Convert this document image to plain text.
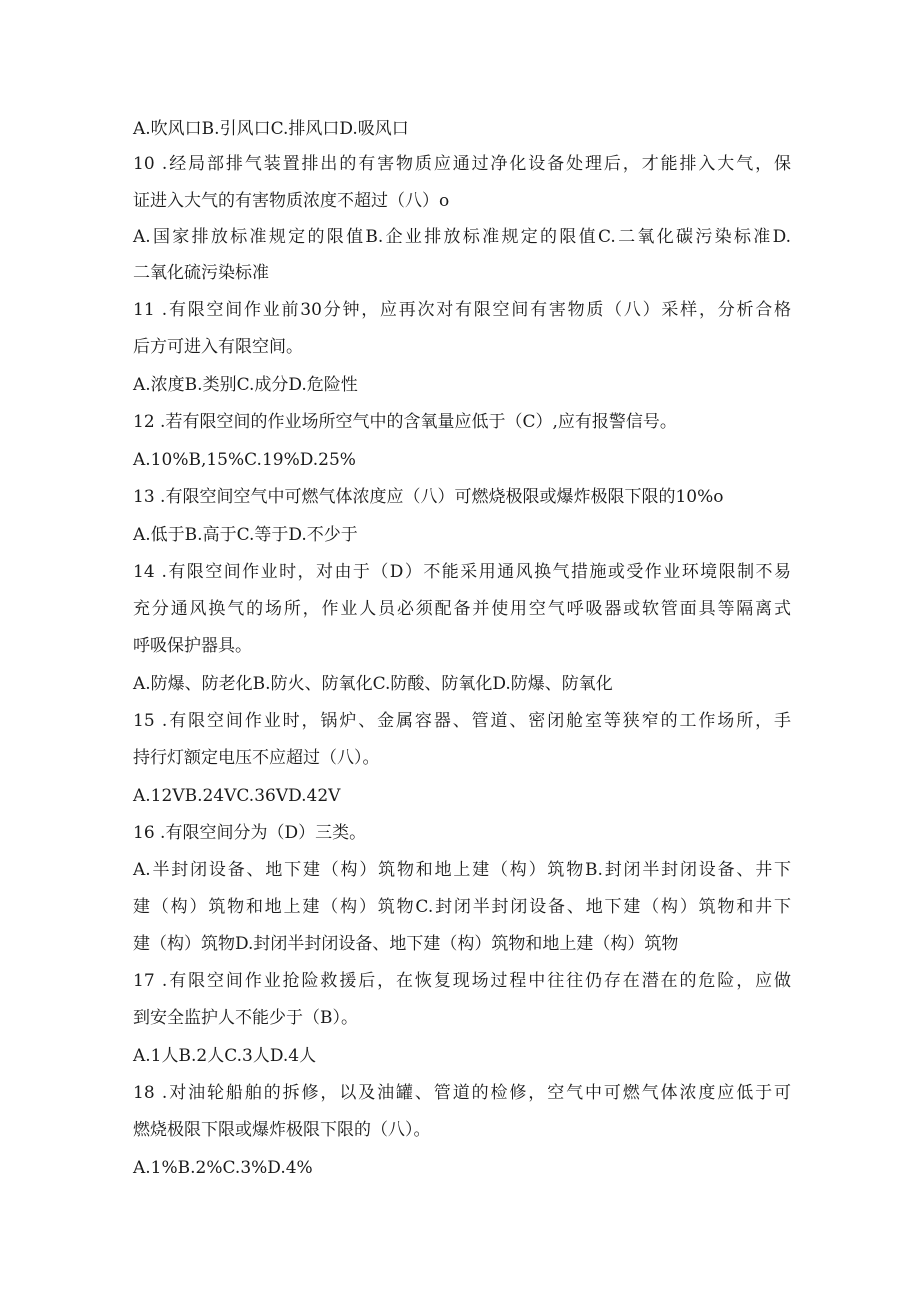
A.吹风口B.引风口C.排风口D.吸风口
10 .经局部排气装置排出的有害物质应通过净化设备处理后，才能排入大气，保
证进入大气的有害物质浓度不超过（八）o
A.国家排放标准规定的限值B.企业排放标准规定的限值C.二氧化碳污染标准D.
二氧化硫污染标准
11 .有限空间作业前30分钟，应再次对有限空间有害物质（八）采样，分析合格
后方可进入有限空间。
A.浓度B.类别C.成分D.危险性
12 .若有限空间的作业场所空气中的含氧量应低于（C）,应有报警信号。
A.10%B,15%C.19%D.25%
13 .有限空间空气中可燃气体浓度应（八）可燃烧极限或爆炸极限下限的10%o
A.低于B.高于C.等于D.不少于
14 .有限空间作业时，对由于（D）不能采用通风换气措施或受作业环境限制不易
充分通风换气的场所，作业人员必须配备并使用空气呼吸器或软管面具等隔离式
呼吸保护器具。
A.防爆、防老化B.防火、防氧化C.防酸、防氧化D.防爆、防氧化
15 .有限空间作业时，锅炉、金属容器、管道、密闭舱室等狭窄的工作场所，手
持行灯额定电压不应超过（八）。
A.12VB.24VC.36VD.42V
16 .有限空间分为（D）三类。
A.半封闭设备、地下建（构）筑物和地上建（构）筑物B.封闭半封闭设备、井下
建（构）筑物和地上建（构）筑物C.封闭半封闭设备、地下建（构）筑物和井下
建（构）筑物D.封闭半封闭设备、地下建（构）筑物和地上建（构）筑物
17 .有限空间作业抢险救援后，在恢复现场过程中往往仍存在潜在的危险，应做
到安全监护人不能少于（B）。
A.1人B.2人C.3人D.4人
18 .对油轮船舶的拆修，以及油罐、管道的检修，空气中可燃气体浓度应低于可
燃烧极限下限或爆炸极限下限的（八）。
A.1%B.2%C.3%D.4%
